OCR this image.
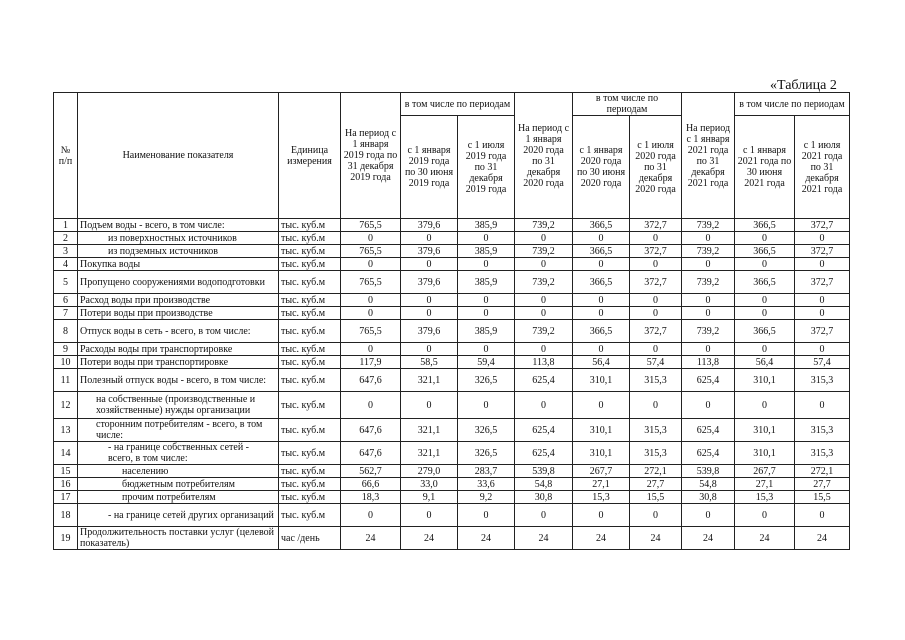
«Таблица 2
№ п/п	Наименование показателя	Единица измерения	На период с 1 января 2019 года по 31 декабря 2019 года	в том числе по периодам		На период с 1 января 2020 года по 31 декабря 2020 года	в том числе по периодам		На период с 1 января 2021 года по 31 декабря 2021 года	в том числе по периодам	
				с 1 января 2019 года по 30 июня 2019 года	с 1 июля 2019 года по 31 декабря 2019 года		с 1 января 2020 года по 30 июня 2020 года	с 1 июля 2020 года по 31 декабря 2020 года		с 1 января 2021 года по 30 июня 2021 года	с 1 июля 2021 года по 31 декабря 2021 года
1	Подъем воды - всего, в том числе:	тыс. куб.м	765,5	379,6	385,9	739,2	366,5	372,7	739,2	366,5	372,7
2	из поверхностных источников	тыс. куб.м	0	0	0	0	0	0	0	0	0
3	из подземных источников	тыс. куб.м	765,5	379,6	385,9	739,2	366,5	372,7	739,2	366,5	372,7
4	Покупка воды	тыс. куб.м	0	0	0	0	0	0	0	0	0
5	Пропущено сооружениями водоподготовки	тыс. куб.м	765,5	379,6	385,9	739,2	366,5	372,7	739,2	366,5	372,7
6	Расход воды при производстве	тыс. куб.м	0	0	0	0	0	0	0	0	0
7	Потери воды при производстве	тыс. куб.м	0	0	0	0	0	0	0	0	0
8	Отпуск воды в сеть - всего, в том числе:	тыс. куб.м	765,5	379,6	385,9	739,2	366,5	372,7	739,2	366,5	372,7
9	Расходы воды при транспортировке	тыс. куб.м	0	0	0	0	0	0	0	0	0
10	Потери воды при транспортировке	тыс. куб.м	117,9	58,5	59,4	113,8	56,4	57,4	113,8	56,4	57,4
11	Полезный отпуск воды - всего, в том числе:	тыс. куб.м	647,6	321,1	326,5	625,4	310,1	315,3	625,4	310,1	315,3
12	на собственные (производственные и хозяйственные) нужды организации	тыс. куб.м	0	0	0	0	0	0	0	0	0
13	сторонним потребителям - всего, в том числе:	тыс. куб.м	647,6	321,1	326,5	625,4	310,1	315,3	625,4	310,1	315,3
14	- на границе собственных сетей - всего, в том числе:	тыс. куб.м	647,6	321,1	326,5	625,4	310,1	315,3	625,4	310,1	315,3
15	населению	тыс. куб.м	562,7	279,0	283,7	539,8	267,7	272,1	539,8	267,7	272,1
16	бюджетным потребителям	тыс. куб.м	66,6	33,0	33,6	54,8	27,1	27,7	54,8	27,1	27,7
17	прочим потребителям	тыс. куб.м	18,3	9,1	9,2	30,8	15,3	15,5	30,8	15,3	15,5
18	- на границе сетей других организаций	тыс. куб.м	0	0	0	0	0	0	0	0	0
19	Продолжительность поставки услуг (целевой показатель)	час /день	24	24	24	24	24	24	24	24	24
